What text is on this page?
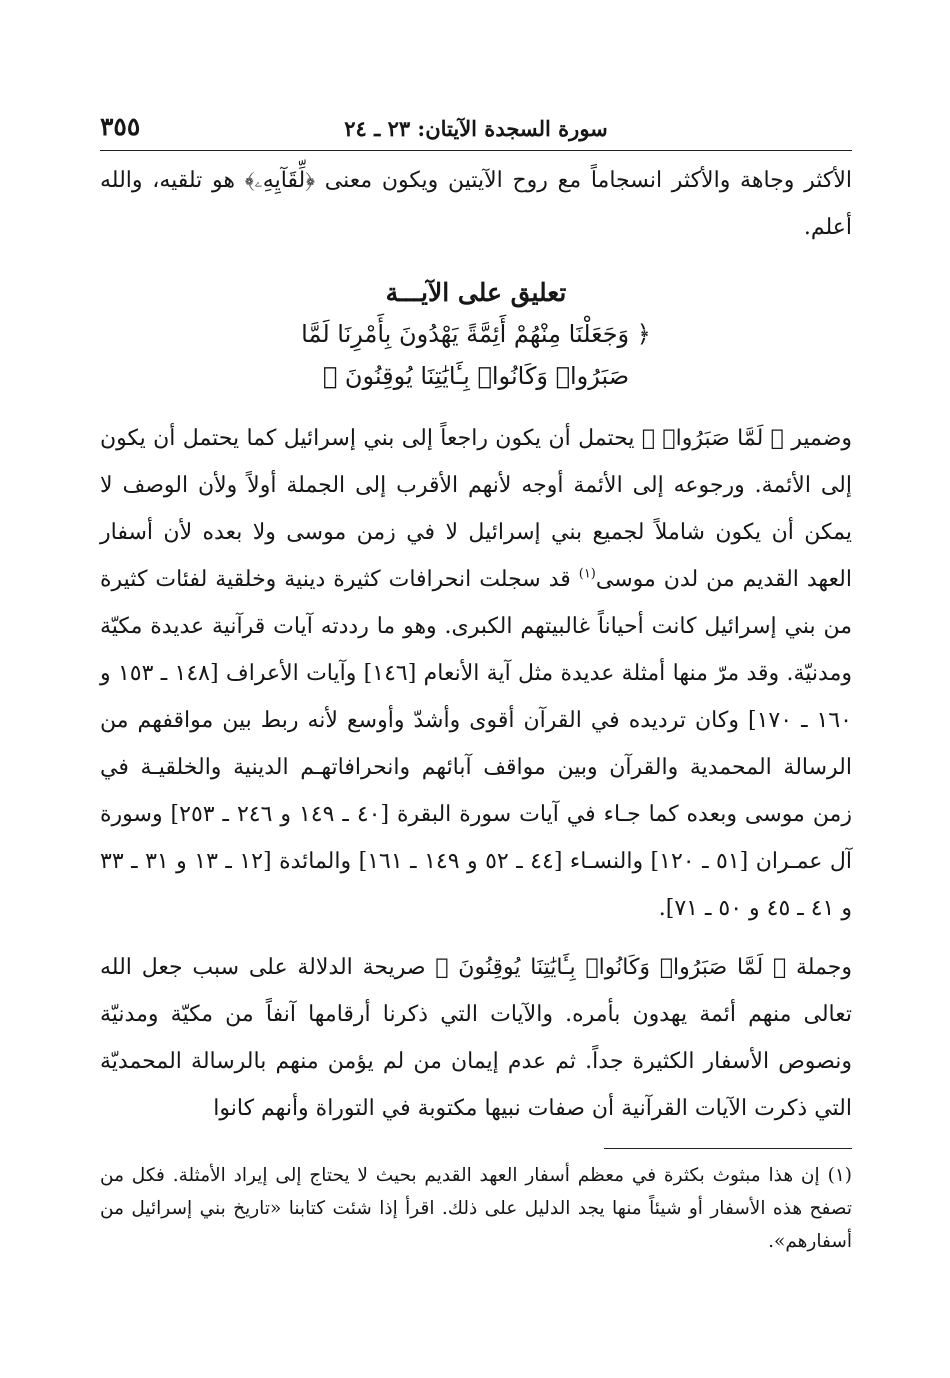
سورة السجدة الآيتان: ٢٣ ـ ٢٤
٣٥٥

الأكثر وجاهة والأكثر انسجاماً مع روح الآيتين ويكون معنى ﴿لِّقَآيِهِۦ﴾ هو تلقيه، والله أعلم.

تعليق على الآيـــة
﴿ وَجَعَلْنَا مِنْهُمْ أَئِمَّةً يَهْدُونَ بِأَمْرِنَا لَمَّا
صَبَرُوا۟ وَكَانُوا۟ بِـَٔايَٰتِنَا يُوقِنُونَ ﴾

وضمير ﴿ لَمَّا صَبَرُوا۟ ﴾ يحتمل أن يكون راجعاً إلى بني إسرائيل كما يحتمل أن يكون إلى الأئمة. ورجوعه إلى الأئمة أوجه لأنهم الأقرب إلى الجملة أولاً ولأن الوصف لا يمكن أن يكون شاملاً لجميع بني إسرائيل لا في زمن موسى ولا بعده لأن أسفار العهد القديم من لدن موسى$^{(١)}$ قد سجلت انحرافات كثيرة دينية وخلقية لفئات كثيرة من بني إسرائيل كانت أحياناً غالبيتهم الكبرى. وهو ما رددته آيات قرآنية عديدة مكيّة ومدنيّة. وقد مرّ منها أمثلة عديدة مثل آية الأنعام [١٤٦] وآيات الأعراف [١٤٨ ـ ١٥٣ و ١٦٠ ـ ١٧٠] وكان ترديده في القرآن أقوى وأشدّ وأوسع لأنه ربط بين مواقفهم من الرسالة المحمدية والقرآن وبين مواقف آبائهم وانحرافاتهـم الدينية والخلقيـة في زمن موسى وبعده كما جـاء في آيات سورة البقرة [٤٠ ـ ١٤٩ و ٢٤٦ ـ ٢٥٣] وسورة آل عمـران [٥١ ـ ١٢٠] والنسـاء [٤٤ ـ ٥٢ و ١٤٩ ـ ١٦١] والمائدة [١٢ ـ ١٣ و ٣١ ـ ٣٣ و ٤١ ـ ٤٥ و ٥٠ ـ ٧١].

وجملة ﴿ لَمَّا صَبَرُوا۟ وَكَانُوا۟ بِـَٔايَٰتِنَا يُوقِنُونَ ﴾ صريحة الدلالة على سبب جعل الله تعالى منهم أئمة يهدون بأمره. والآيات التي ذكرنا أرقامها آنفاً من مكيّة ومدنيّة ونصوص الأسفار الكثيرة جداً. ثم عدم إيمان من لم يؤمن منهم بالرسالة المحمديّة التي ذكرت الآيات القرآنية أن صفات نبيها مكتوبة في التوراة وأنهم كانوا

(١)إن هذا مبثوث بكثرة في معظم أسفار العهد القديم بحيث لا يحتاج إلى إيراد الأمثلة. فكل من تصفح هذه الأسفار أو شيئاً منها يجد الدليل على ذلك. اقرأ إذا شئت كتابنا «تاريخ بني إسرائيل من أسفارهم».
